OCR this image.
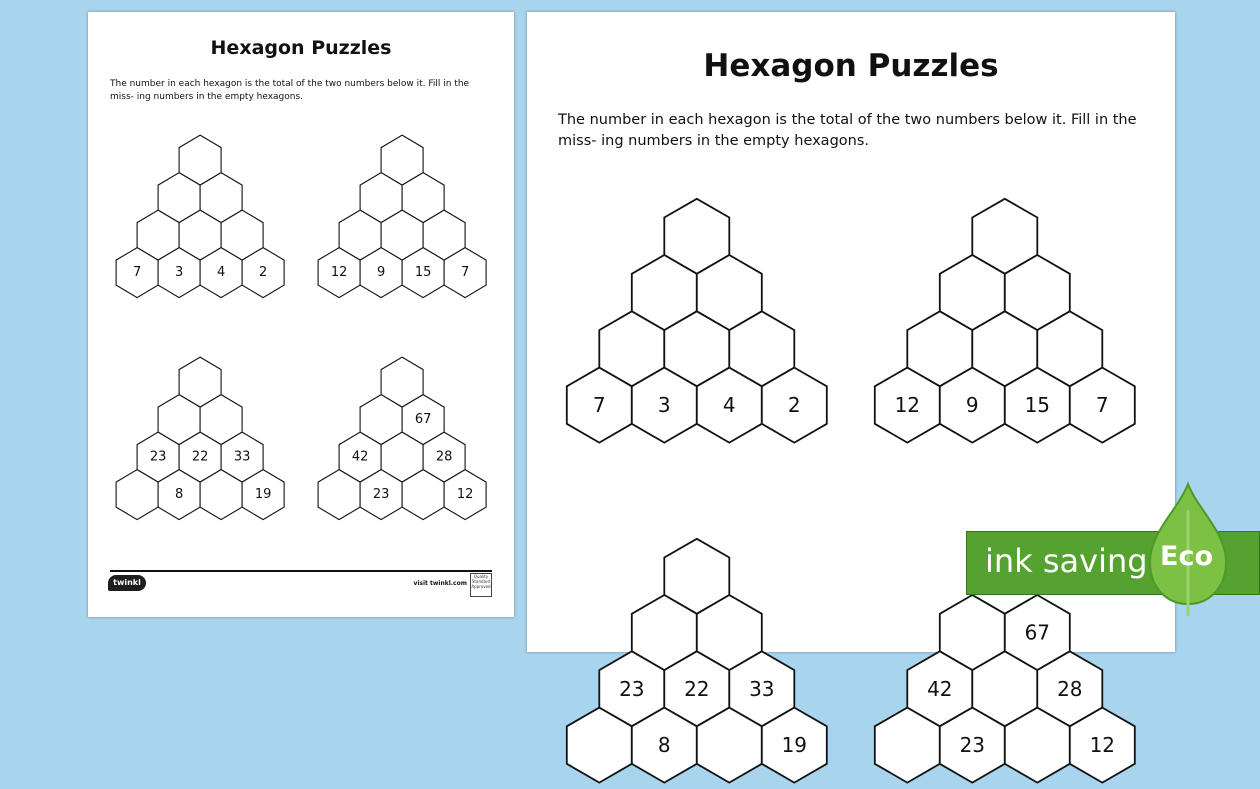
Hexagon Puzzles
The number in each hexagon is the total of the two numbers below it. Fill in the miss- ing numbers in the empty hexagons.
7	3	4	2	12 9 15 7
23 22 33
8	19
67
42	28
23	12
twinkl	visit twinkl.com
Quality Standard Approved
Hexagon Puzzles
The number in each hexagon is the total of the two numbers below it. Fill in the miss- ing numbers in the empty hexagons.
7	3	4	2	12 9 15 7
23 22 33
8	19
67
42	28
23	12
ink saving Eco
